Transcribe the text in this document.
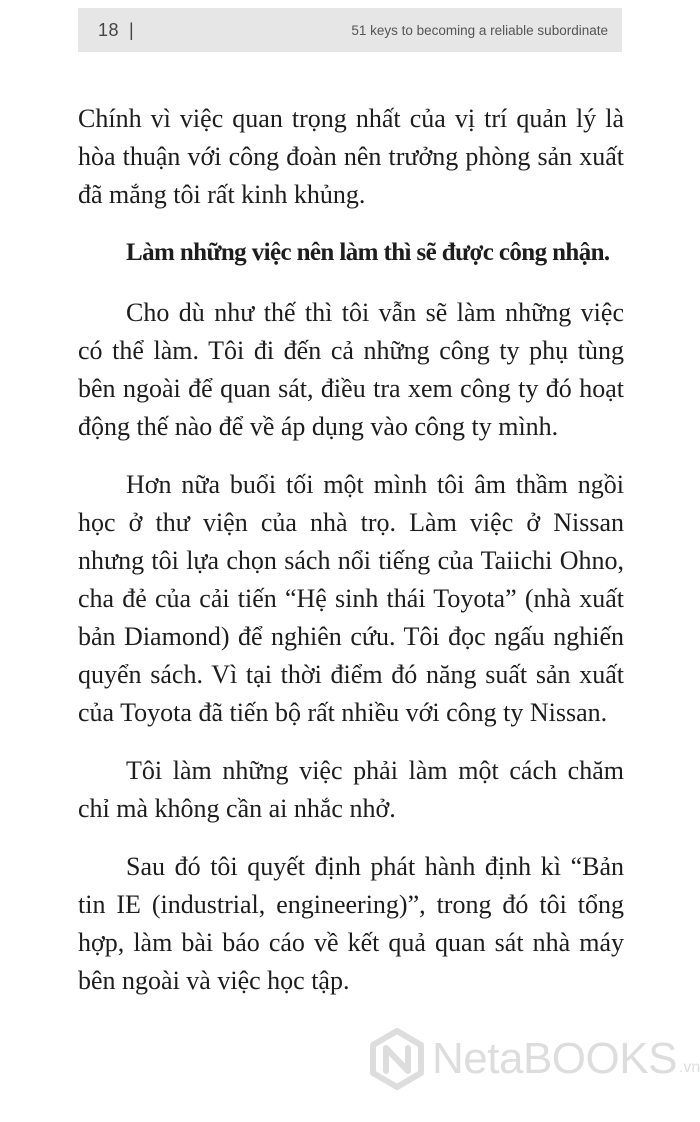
18 |	51 keys to becoming a reliable subordinate

Chính vì việc quan trọng nhất của vị trí quản lý là hòa thuận với công đoàn nên trưởng phòng sản xuất đã mắng tôi rất kinh khủng.

Làm những việc nên làm thì sẽ được công nhận.

Cho dù như thế thì tôi vẫn sẽ làm những việc có thể làm. Tôi đi đến cả những công ty phụ tùng bên ngoài để quan sát, điều tra xem công ty đó hoạt động thế nào để về áp dụng vào công ty mình.

Hơn nữa buổi tối một mình tôi âm thầm ngồi học ở thư viện của nhà trọ. Làm việc ở Nissan nhưng tôi lựa chọn sách nổi tiếng của Taiichi Ohno, cha đẻ của cải tiến “Hệ sinh thái Toyota” (nhà xuất bản Diamond) để nghiên cứu. Tôi đọc ngấu nghiến quyển sách. Vì tại thời điểm đó năng suất sản xuất của Toyota đã tiến bộ rất nhiều với công ty Nissan.

Tôi làm những việc phải làm một cách chăm chỉ mà không cần ai nhắc nhở.

Sau đó tôi quyết định phát hành định kì “Bản tin IE (industrial, engineering)”, trong đó tôi tổng hợp, làm bài báo cáo về kết quả quan sát nhà máy bên ngoài và việc học tập.

NetaBOOKS .vn
